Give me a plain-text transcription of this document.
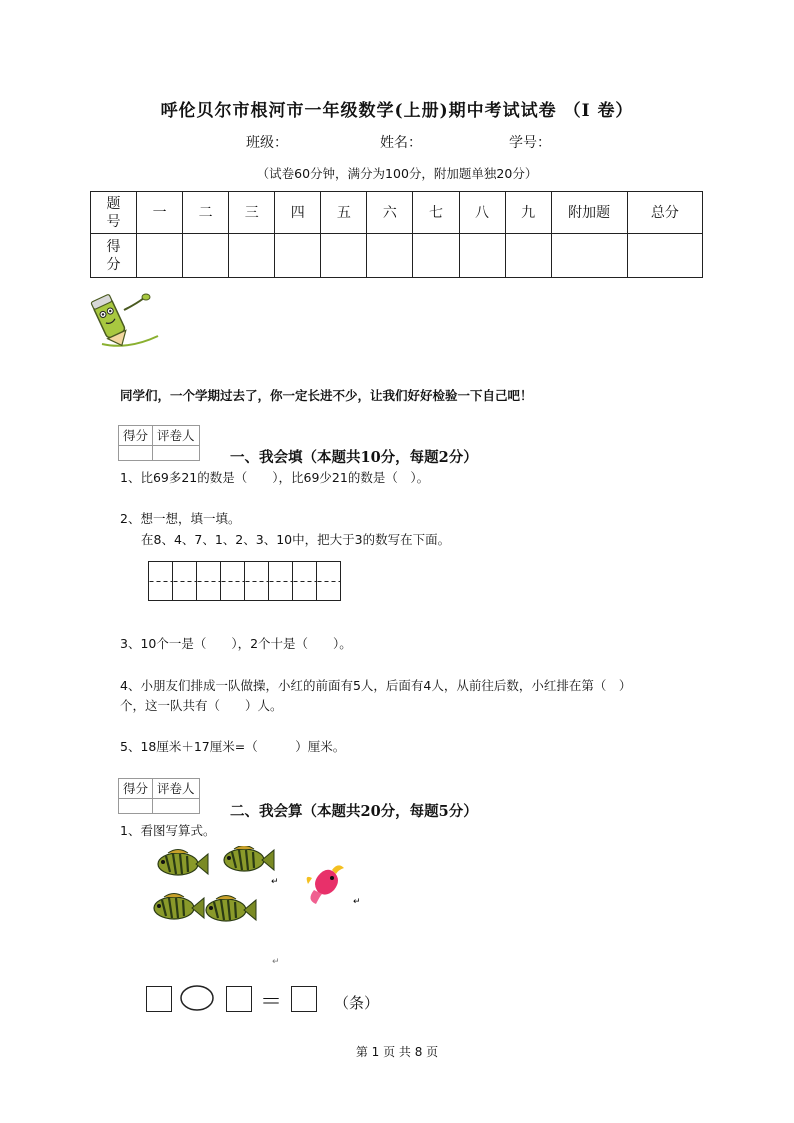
呼伦贝尔市根河市一年级数学(上册)期中考试试卷 （I 卷）
班级：	姓名：	学号：
（试卷60分钟，满分为100分，附加题单独20分）
题号	一	二	三	四	五	六	七	八	九	附加题	总分
得分											
同学们，一个学期过去了，你一定长进不少，让我们好好检验一下自己吧！
得分	评卷人

一、我会填（本题共10分，每题2分）
1、比69多21的数是（　　），比69少21的数是（　）。
2、想一想，填一填。
在8、4、7、1、2、3、10中，把大于3的数写在下面。

3、10个一是（　　），2个十是（　　）。
4、小朋友们排成一队做操，小红的前面有5人，后面有4人，从前往后数，小红排在第（　）
个，这一队共有（　　）人。
5、18厘米＋17厘米=（　　　）厘米。
得分	评卷人

二、我会算（本题共20分，每题5分）
1、看图写算式。
↵
↵
↵
＝	（条）
第 1 页 共 8 页
